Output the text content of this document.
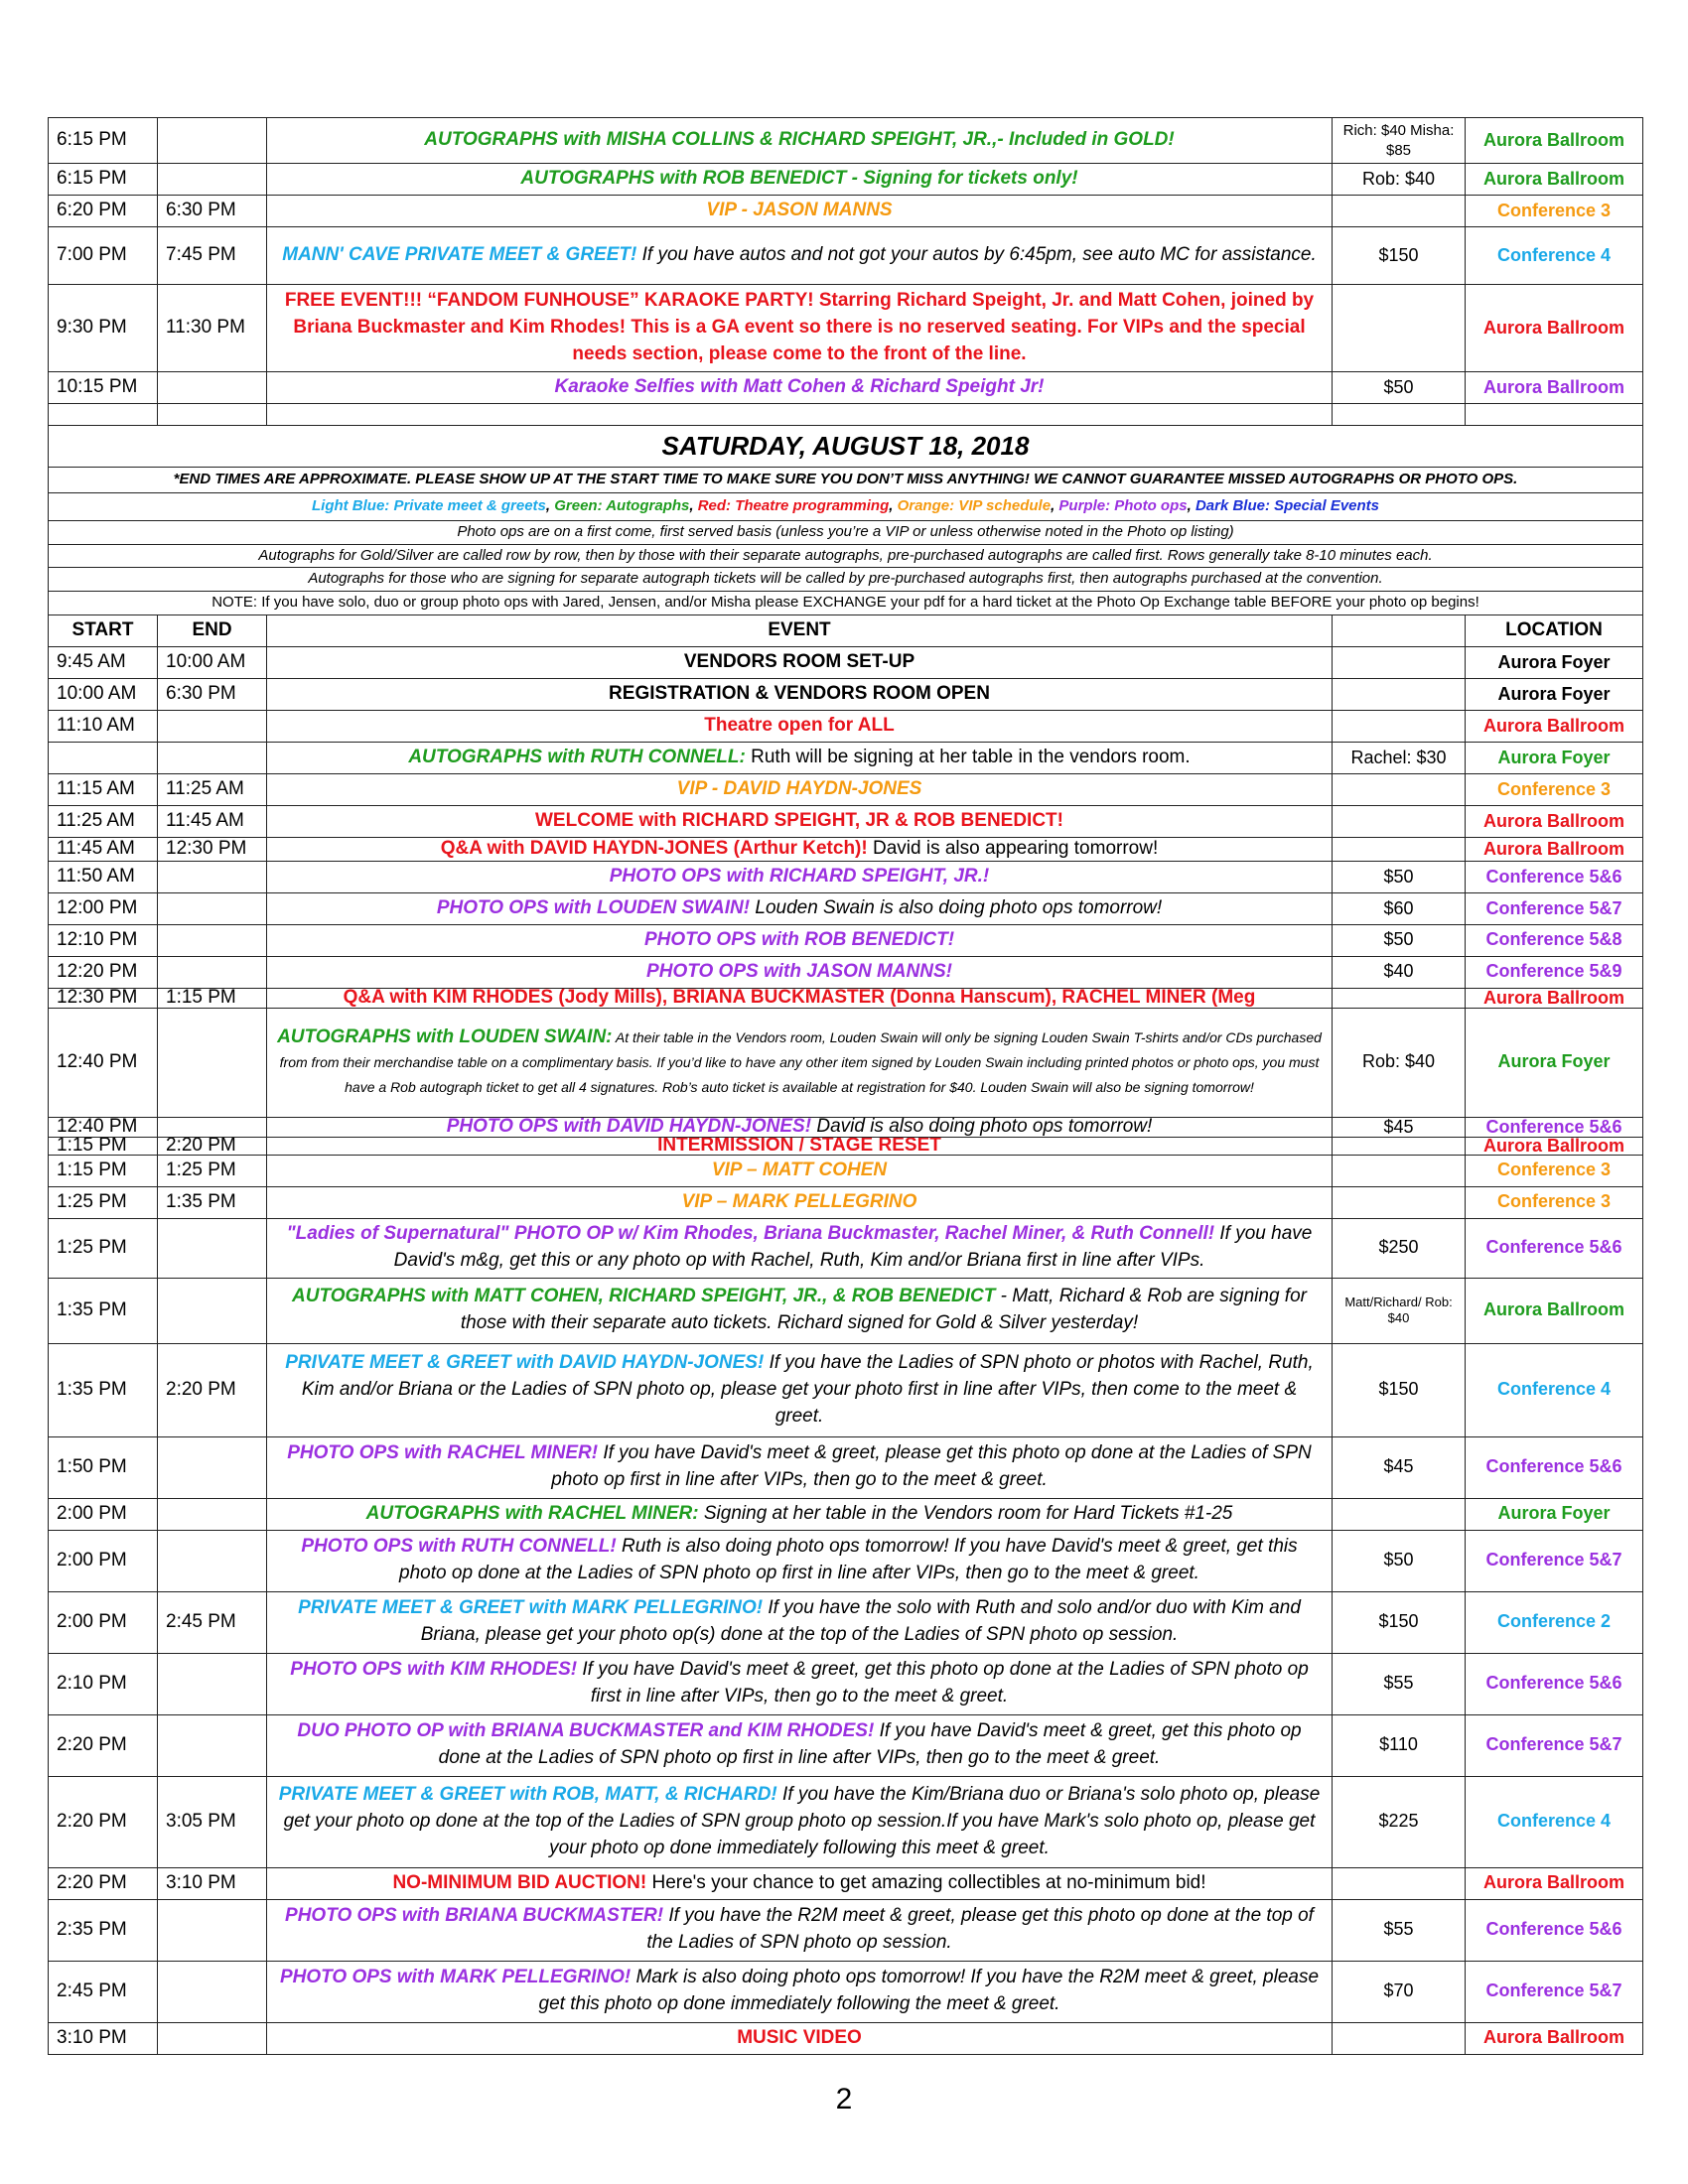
6:15 PM		AUTOGRAPHS with MISHA COLLINS & RICHARD SPEIGHT, JR.,- Included in GOLD!	Rich: $40 Misha: $85	Aurora Ballroom
6:15 PM		AUTOGRAPHS with ROB BENEDICT - Signing for tickets only!	Rob: $40	Aurora Ballroom
6:20 PM	6:30 PM	VIP - JASON MANNS		Conference 3
7:00 PM	7:45 PM	MANN' CAVE PRIVATE MEET & GREET! If you have autos and not got your autos by 6:45pm, see auto MC for assistance.	$150	Conference 4
9:30 PM	11:30 PM	FREE EVENT!!! “FANDOM FUNHOUSE” KARAOKE PARTY! Starring Richard Speight, Jr. and Matt Cohen, joined by Briana Buckmaster and Kim Rhodes! This is a GA event so there is no reserved seating. For VIPs and the special needs section, please come to the front of the line.		Aurora Ballroom
10:15 PM		Karaoke Selfies with Matt Cohen & Richard Speight Jr!	$50	Aurora Ballroom

SATURDAY, AUGUST 18, 2018				
*END TIMES ARE APPROXIMATE. PLEASE SHOW UP AT THE START TIME TO MAKE SURE YOU DON’T MISS ANYTHING! WE CANNOT GUARANTEE MISSED AUTOGRAPHS OR PHOTO OPS.				
Light Blue: Private meet & greets, Green: Autographs, Red: Theatre programming, Orange: VIP schedule, Purple: Photo ops, Dark Blue: Special Events				
Photo ops are on a first come, first served basis (unless you’re a VIP or unless otherwise noted in the Photo op listing)				
Autographs for Gold/Silver are called row by row, then by those with their separate autographs, pre-purchased autographs are called first. Rows generally take 8-10 minutes each.				
Autographs for those who are signing for separate autograph tickets will be called by pre-purchased autographs first, then autographs purchased at the convention.				
NOTE: If you have solo, duo or group photo ops with Jared, Jensen, and/or Misha please EXCHANGE your pdf for a hard ticket at the Photo Op Exchange table BEFORE your photo op begins!				
START	END	EVENT		LOCATION
9:45 AM	10:00 AM	VENDORS ROOM SET-UP		Aurora Foyer
10:00 AM	6:30 PM	REGISTRATION & VENDORS ROOM OPEN		Aurora Foyer
11:10 AM		Theatre open for ALL		Aurora Ballroom
		AUTOGRAPHS with RUTH CONNELL: Ruth will be signing at her table in the vendors room.	Rachel: $30	Aurora Foyer
11:15 AM	11:25 AM	VIP - DAVID HAYDN-JONES		Conference 3
11:25 AM	11:45 AM	WELCOME with RICHARD SPEIGHT, JR & ROB BENEDICT!		Aurora Ballroom
11:45 AM	12:30 PM	Q&A with DAVID HAYDN-JONES (Arthur Ketch)! David is also appearing tomorrow!		Aurora Ballroom
11:50 AM		PHOTO OPS with RICHARD SPEIGHT, JR.!	$50	Conference 5&6
12:00 PM		PHOTO OPS with LOUDEN SWAIN! Louden Swain is also doing photo ops tomorrow!	$60	Conference 5&7
12:10 PM		PHOTO OPS with ROB BENEDICT!	$50	Conference 5&8
12:20 PM		PHOTO OPS with JASON MANNS!	$40	Conference 5&9
12:30 PM	1:15 PM	Q&A with KIM RHODES (Jody Mills), BRIANA BUCKMASTER (Donna Hanscum), RACHEL MINER (Meg		Aurora Ballroom
12:40 PM		AUTOGRAPHS with LOUDEN SWAIN: At their table in the Vendors room, Louden Swain will only be signing Louden Swain T-shirts and/or CDs purchased from from their merchandise table on a complimentary basis. If you’d like to have any other item signed by Louden Swain including printed photos or photo ops, you must have a Rob autograph ticket to get all 4 signatures. Rob’s auto ticket is available at registration for $40. Louden Swain will also be signing tomorrow!	Rob: $40	Aurora Foyer
12:40 PM		PHOTO OPS with DAVID HAYDN-JONES! David is also doing photo ops tomorrow!	$45	Conference 5&6
1:15 PM	2:20 PM	INTERMISSION / STAGE RESET		Aurora Ballroom
1:15 PM	1:25 PM	VIP – MATT COHEN		Conference 3
1:25 PM	1:35 PM	VIP – MARK PELLEGRINO		Conference 3
1:25 PM		"Ladies of Supernatural" PHOTO OP w/ Kim Rhodes, Briana Buckmaster, Rachel Miner, & Ruth Connell! If you have David's m&g, get this or any photo op with Rachel, Ruth, Kim and/or Briana first in line after VIPs.	$250	Conference 5&6
1:35 PM		AUTOGRAPHS with MATT COHEN, RICHARD SPEIGHT, JR., & ROB BENEDICT - Matt, Richard & Rob are signing for those with their separate auto tickets. Richard signed for Gold & Silver yesterday!	Matt/Richard/ Rob: $40	Aurora Ballroom
1:35 PM	2:20 PM	PRIVATE MEET & GREET with DAVID HAYDN-JONES! If you have the Ladies of SPN photo or photos with Rachel, Ruth, Kim and/or Briana or the Ladies of SPN photo op, please get your photo first in line after VIPs, then come to the meet & greet.	$150	Conference 4
1:50 PM		PHOTO OPS with RACHEL MINER! If you have David's meet & greet, please get this photo op done at the Ladies of SPN photo op first in line after VIPs, then go to the meet & greet.	$45	Conference 5&6
2:00 PM		AUTOGRAPHS with RACHEL MINER: Signing at her table in the Vendors room for Hard Tickets #1-25		Aurora Foyer
2:00 PM		PHOTO OPS with RUTH CONNELL! Ruth is also doing photo ops tomorrow! If you have David's meet & greet, get this photo op done at the Ladies of SPN photo op first in line after VIPs, then go to the meet & greet.	$50	Conference 5&7
2:00 PM	2:45 PM	PRIVATE MEET & GREET with MARK PELLEGRINO! If you have the solo with Ruth and solo and/or duo with Kim and Briana, please get your photo op(s) done at the top of the Ladies of SPN photo op session.	$150	Conference 2
2:10 PM		PHOTO OPS with KIM RHODES! If you have David's meet & greet, get this photo op done at the Ladies of SPN photo op first in line after VIPs, then go to the meet & greet.	$55	Conference 5&6
2:20 PM		DUO PHOTO OP with BRIANA BUCKMASTER and KIM RHODES! If you have David's meet & greet, get this photo op done at the Ladies of SPN photo op first in line after VIPs, then go to the meet & greet.	$110	Conference 5&7
2:20 PM	3:05 PM	PRIVATE MEET & GREET with ROB, MATT, & RICHARD! If you have the Kim/Briana duo or Briana's solo photo op, please get your photo op done at the top of the Ladies of SPN group photo op session.If you have Mark's solo photo op, please get your photo op done immediately following this meet & greet.	$225	Conference 4
2:20 PM	3:10 PM	NO-MINIMUM BID AUCTION! Here's your chance to get amazing collectibles at no-minimum bid!		Aurora Ballroom
2:35 PM		PHOTO OPS with BRIANA BUCKMASTER! If you have the R2M meet & greet, please get this photo op done at the top of the Ladies of SPN photo op session.	$55	Conference 5&6
2:45 PM		PHOTO OPS with MARK PELLEGRINO! Mark is also doing photo ops tomorrow! If you have the R2M meet & greet, please get this photo op done immediately following the meet & greet.	$70	Conference 5&7
3:10 PM		MUSIC VIDEO		Aurora Ballroom
2
